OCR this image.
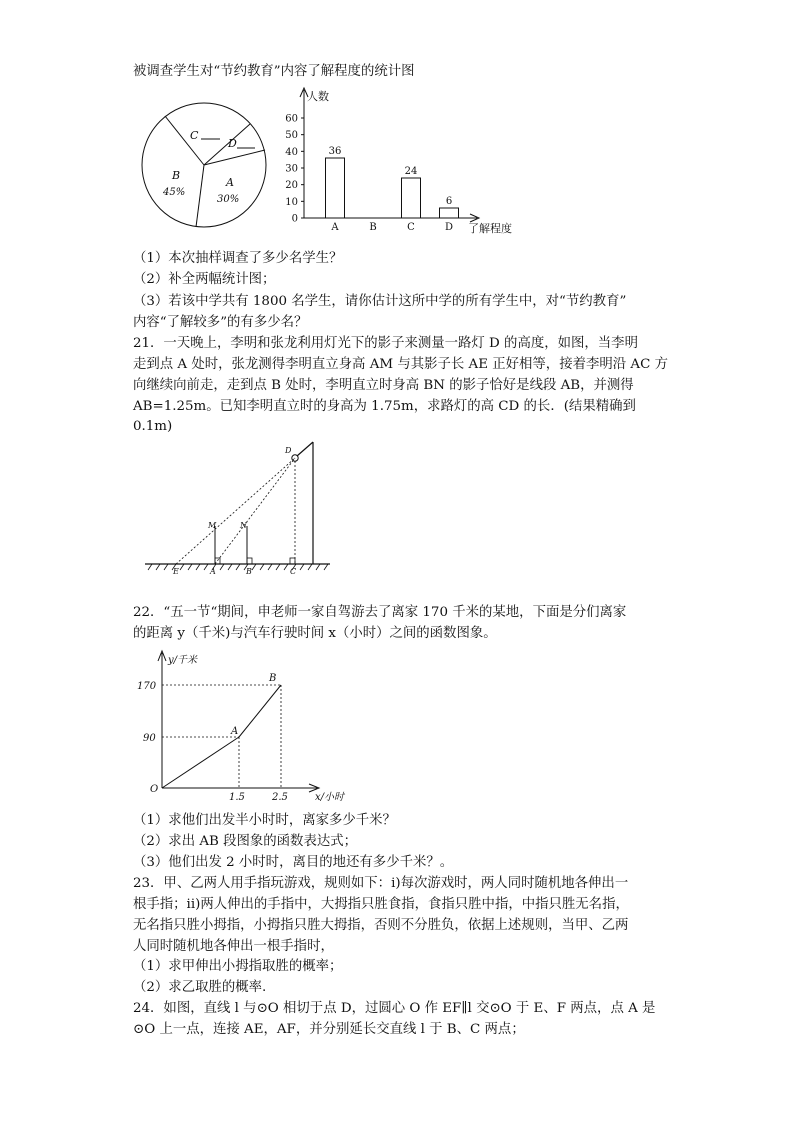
被调查学生对“节约教育”内容了解程度的统计图
A
30%
B
45%
C
D
人数
了解程度
0
10
20
30
40
50
60
36
24
6
A	B	C	D
（1）本次抽样调查了多少名学生？
（2）补全两幅统计图；
（3）若该中学共有 1800 名学生，请你估计这所中学的所有学生中，对“节约教育”
内容“了解较多”的有多少名？
21．一天晚上，李明和张龙利用灯光下的影子来测量一路灯 D 的高度，如图，当李明
走到点 A 处时，张龙测得李明直立身高 AM 与其影子长 AE 正好相等，接着李明沿 AC 方
向继续向前走，走到点 B 处时，李明直立时身高 BN 的影子恰好是线段 AB，并测得
AB=1.25m。已知李明直立时的身高为 1.75m，求路灯的高 CD 的长．(结果精确到
0.1m)
D
M	N
E	A	B	C
22．“五一节“期间，申老师一家自驾游去了离家 170 千米的某地，下面是分们离家
的距离 y（千米)与汽车行驶时间 x（小时）之间的函数图象。
y/千米
x/小时
170
90
1.5	2.5
O
A
B
（1）求他们出发半小时时，离家多少千米？
（2）求出 AB 段图象的函数表达式；
（3）他们出发 2 小时时，离目的地还有多少千米？。
23．甲、乙两人用手指玩游戏，规则如下：i)每次游戏时，两人同时随机地各伸出一
根手指；ii)两人伸出的手指中，大拇指只胜食指，食指只胜中指，中指只胜无名指，
无名指只胜小拇指，小拇指只胜大拇指，否则不分胜负，依据上述规则，当甲、乙两
人同时随机地各伸出一根手指时，
（1）求甲伸出小拇指取胜的概率；
（2）求乙取胜的概率.
24．如图，直线 l 与⊙O 相切于点 D，过圆心 O 作 EF∥l 交⊙O 于 E、F 两点，点 A 是
⊙O 上一点，连接 AE，AF，并分别延长交直线 l 于 B、C 两点；
